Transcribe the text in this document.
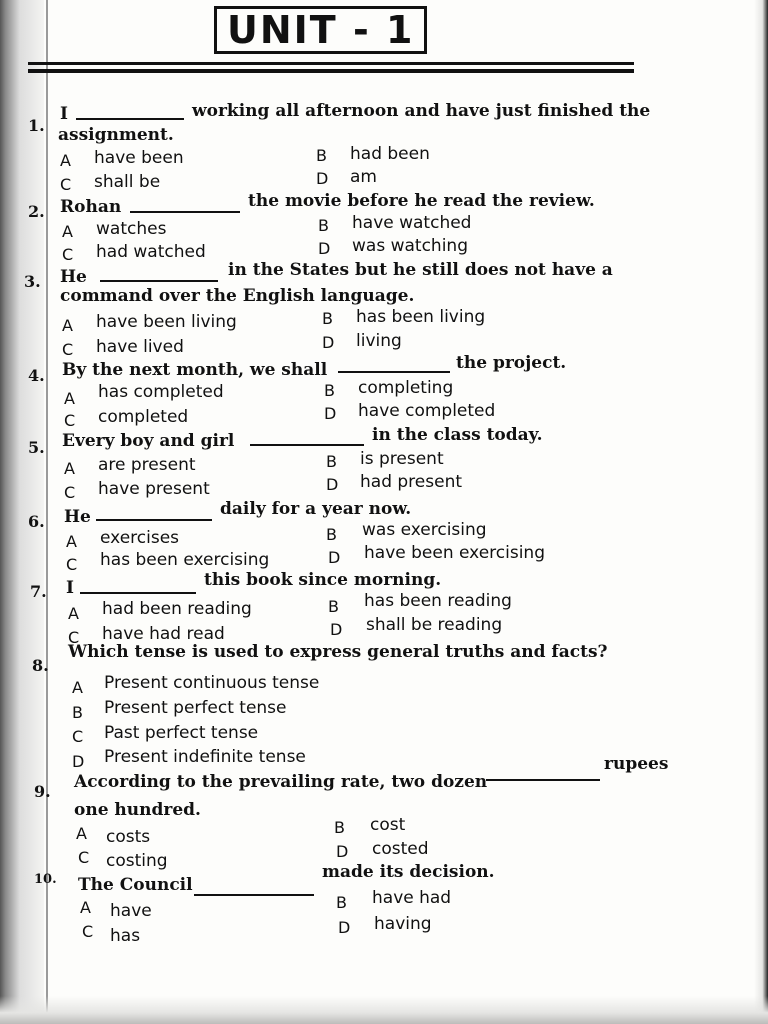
UNIT - 1
1.
I	working all afternoon and have just finished the
assignment.
A have been	B had been
C shall be	D am
2. Rohan	the movie before he read the review.
A watches	B have watched
C had watched	D was watching
3. He	in the States but he still does not have a
command over the English language.
A have been living	B has been living
C have lived	D living
4. By the next month, we shall	the project.
A has completed	B completing
C completed	D have completed
5. Every boy and girl	in the class today.
A are present	B is present
C have present	D had present
6. He	daily for a year now.
A exercises	B was exercising
C has been exercising	D have been exercising
7. I	this book since morning.
A had been reading	B has been reading
C have had read	D shall be reading
8.
Which tense is used to express general truths and facts?
A Present continuous tense
B Present perfect tense
C Past perfect tense
D Present indefinite tense
9. According to the prevailing rate, two dozen
rupees
one hundred.
A costs	B cost
C costing	D costed
10. The Council
made its decision.
A have	B have had
C has	D having
